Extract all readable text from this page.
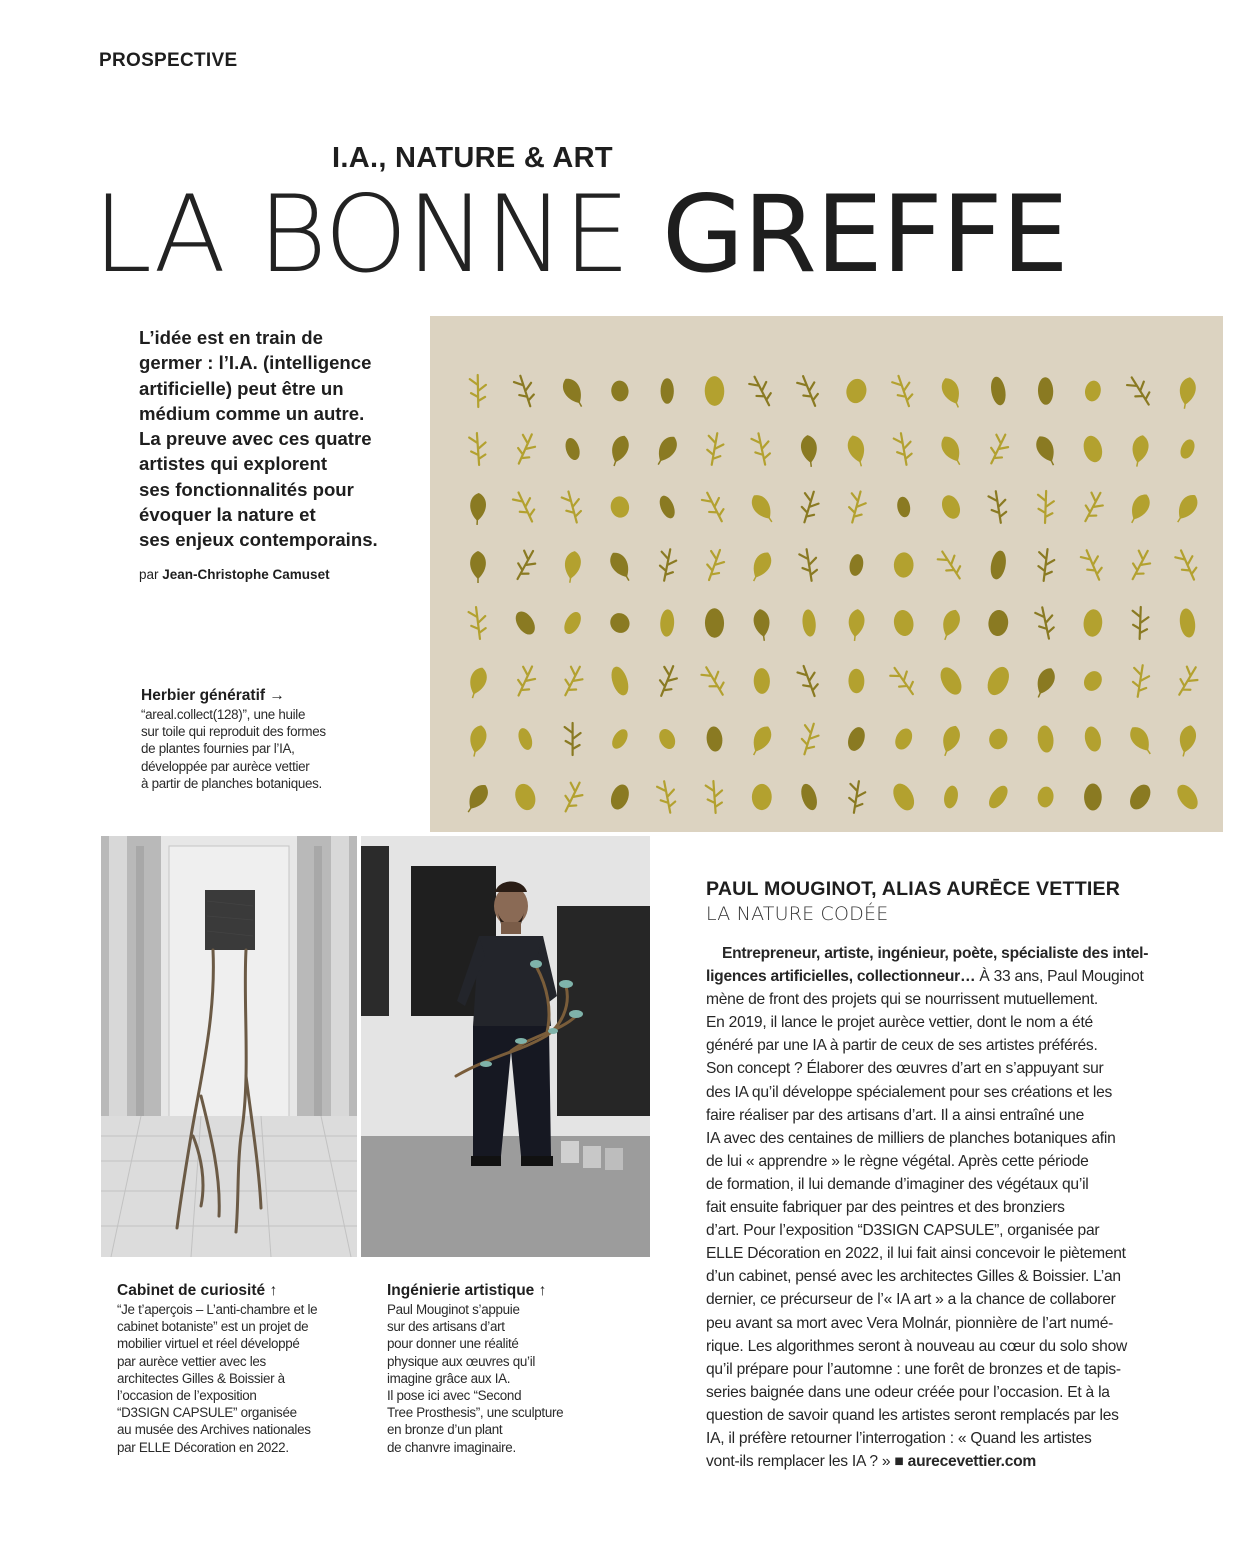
PROSPECTIVE
I.A., NATURE & ART
LA BONNE GREFFE
L’idée est en train de
germer : l’I.A. (intelligence
artificielle) peut être un
médium comme un autre.
La preuve avec ces quatre
artistes qui explorent
ses fonctionnalités pour
évoquer la nature et
ses enjeux contemporains.
par Jean-Christophe Camuset
Herbier génératif →
“areal.collect(128)”, une huile
sur toile qui reproduit des formes
de plantes fournies par l’IA,
développée par aurèce vettier
à partir de planches botaniques.
Cabinet de curiosité ↑
“Je t’aperçois – L’anti-chambre et le
cabinet botaniste” est un projet de
mobilier virtuel et réel développé
par aurèce vettier avec les
architectes Gilles & Boissier à
l’occasion de l’exposition
“D3SIGN CAPSULE” organisée
au musée des Archives nationales
par ELLE Décoration en 2022.
Ingénierie artistique ↑
Paul Mouginot s’appuie
sur des artisans d’art
pour donner une réalité
physique aux œuvres qu’il
imagine grâce aux IA.
Il pose ici avec “Second
Tree Prosthesis”, une sculpture
en bronze d’un plant
de chanvre imaginaire.
PAUL MOUGINOT, ALIAS AURĒCE VETTIER
LA NATURE CODÉE
Entrepreneur, artiste, ingénieur, poète, spécialiste des intel-
ligences artificielles, collectionneur… À 33 ans, Paul Mouginot
mène de front des projets qui se nourrissent mutuellement.
En 2019, il lance le projet aurèce vettier, dont le nom a été
généré par une IA à partir de ceux de ses artistes préférés.
Son concept ? Élaborer des œuvres d’art en s’appuyant sur
des IA qu’il développe spécialement pour ses créations et les
faire réaliser par des artisans d’art. Il a ainsi entraîné une
IA avec des centaines de milliers de planches botaniques afin
de lui « apprendre » le règne végétal. Après cette période
de formation, il lui demande d’imaginer des végétaux qu’il
fait ensuite fabriquer par des peintres et des bronziers
d’art. Pour l’exposition “D3SIGN CAPSULE”, organisée par
ELLE Décoration en 2022, il lui fait ainsi concevoir le piètement
d’un cabinet, pensé avec les architectes Gilles & Boissier. L’an
dernier, ce précurseur de l’« IA art » a la chance de collaborer
peu avant sa mort avec Vera Molnár, pionnière de l’art numé-
rique. Les algorithmes seront à nouveau au cœur du solo show
qu’il prépare pour l’automne : une forêt de bronzes et de tapis-
series baignée dans une odeur créée pour l’occasion. Et à la
question de savoir quand les artistes seront remplacés par les
IA, il préfère retourner l’interrogation : « Quand les artistes
vont-ils remplacer les IA ? » ■ aurecevettier.com
